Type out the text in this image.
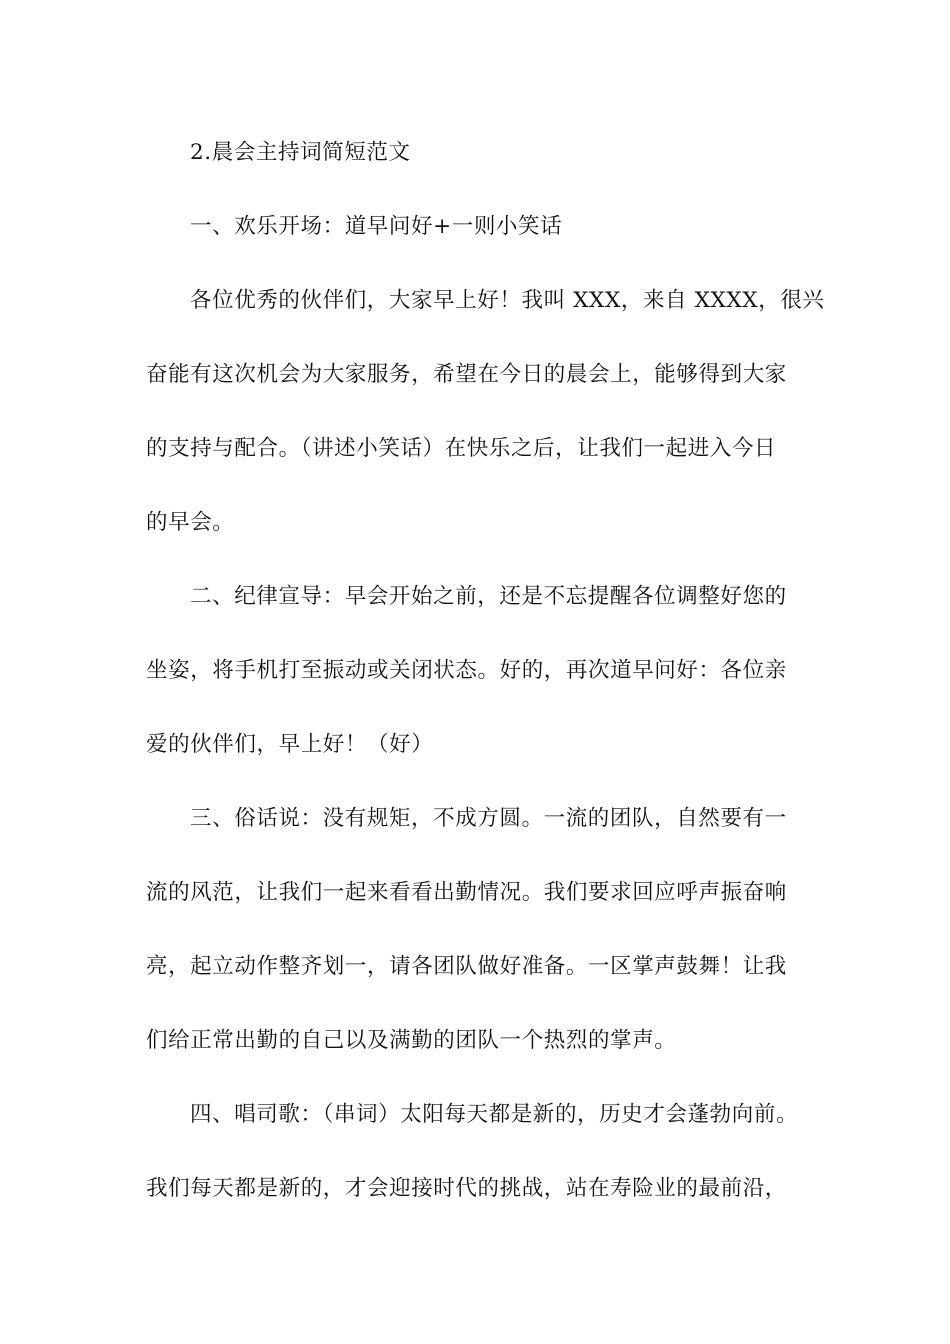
2.晨会主持词简短范文
一、欢乐开场：道早问好+一则小笑话
各位优秀的伙伴们，大家早上好！我叫 XXX，来自 XXXX，很兴
奋能有这次机会为大家服务，希望在今日的晨会上，能够得到大家
的支持与配合。（讲述小笑话）在快乐之后，让我们一起进入今日
的早会。
二、纪律宣导：早会开始之前，还是不忘提醒各位调整好您的
坐姿，将手机打至振动或关闭状态。好的，再次道早问好：各位亲
爱的伙伴们，早上好！（好）
三、俗话说：没有规矩，不成方圆。一流的团队，自然要有一
流的风范，让我们一起来看看出勤情况。我们要求回应呼声振奋响
亮，起立动作整齐划一，请各团队做好准备。一区掌声鼓舞！让我
们给正常出勤的自己以及满勤的团队一个热烈的掌声。
四、唱司歌：（串词）太阳每天都是新的，历史才会蓬勃向前。
我们每天都是新的，才会迎接时代的挑战，站在寿险业的最前沿，
